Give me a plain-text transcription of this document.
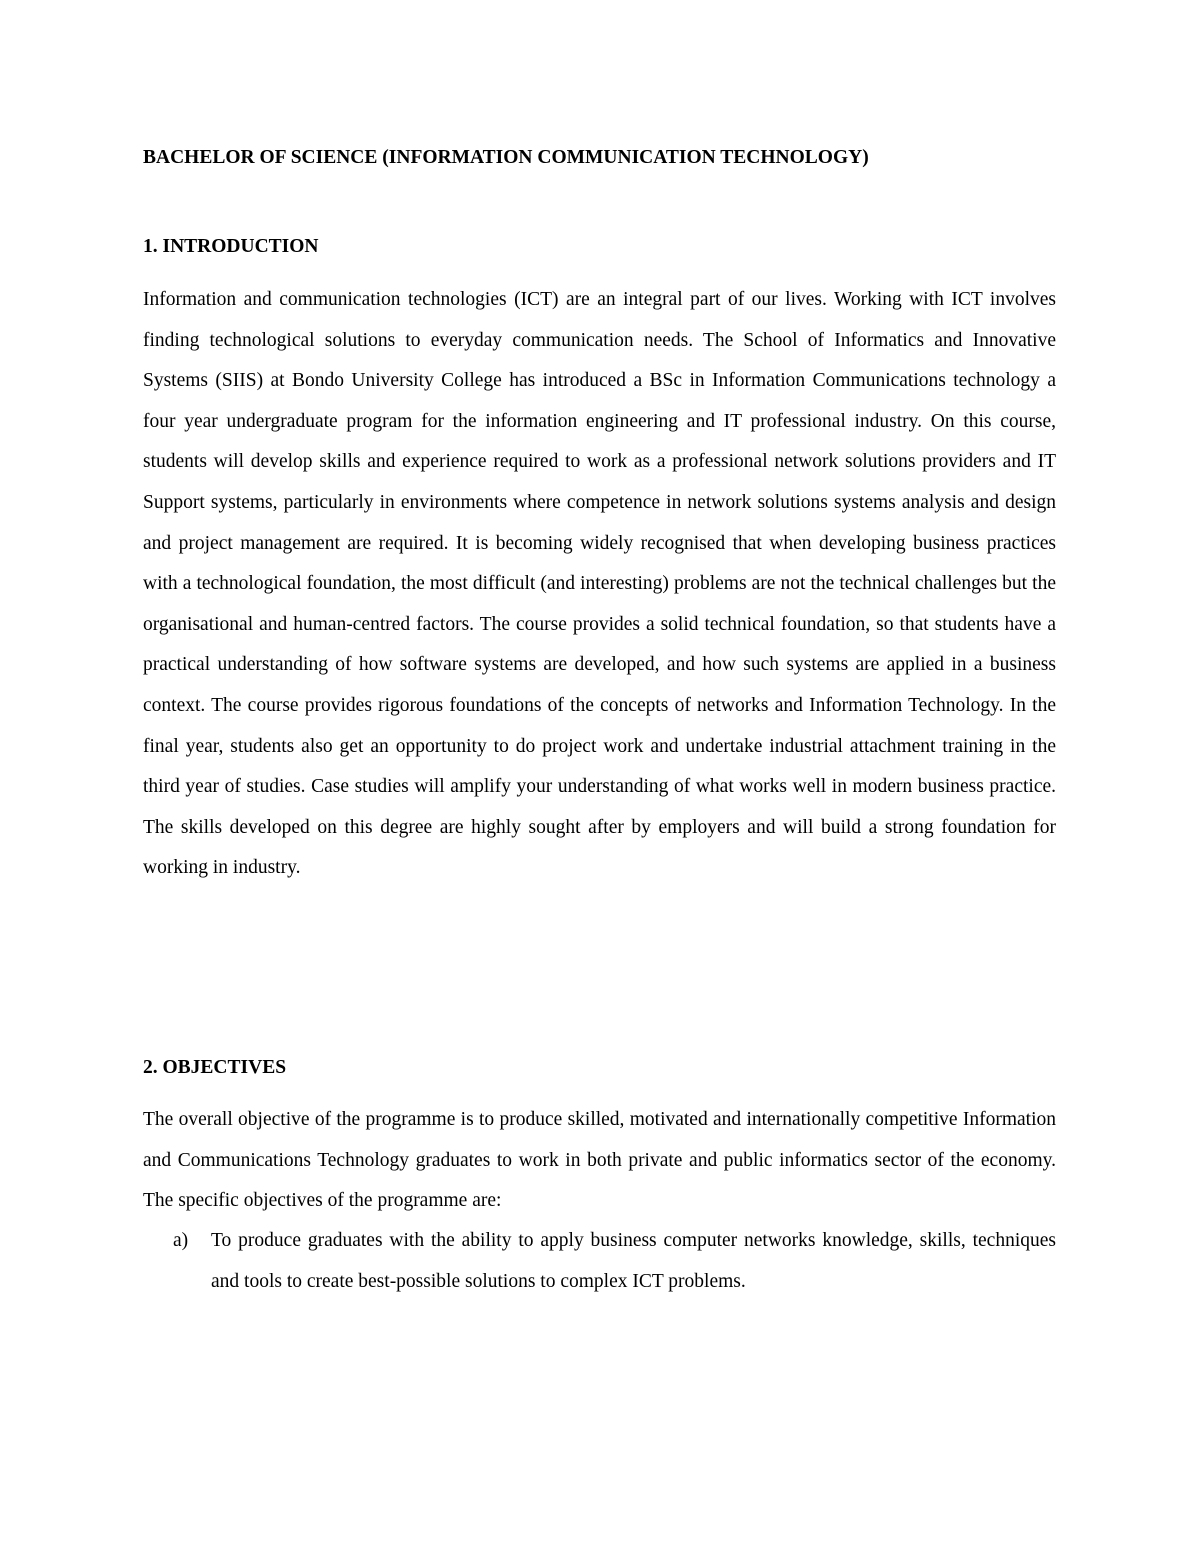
BACHELOR OF SCIENCE (INFORMATION COMMUNICATION TECHNOLOGY)
1. INTRODUCTION

Information and communication technologies (ICT) are an integral part of our lives. Working with ICT involves finding technological solutions to everyday communication needs. The School of Informatics and Innovative Systems (SIIS) at Bondo University College has introduced a BSc in Information Communications technology a four year undergraduate program for the information engineering and IT professional industry. On this course, students will develop skills and experience required to work as a professional network solutions providers and IT Support systems, particularly in environments where competence in network solutions systems analysis and design and project management are required. It is becoming widely recognised that when developing business practices with a technological foundation, the most difficult (and interesting) problems are not the technical challenges but the organisational and human-centred factors. The course provides a solid technical foundation, so that students have a practical understanding of how software systems are developed, and how such systems are applied in a business context. The course provides rigorous foundations of the concepts of networks and Information Technology. In the final year, students also get an opportunity to do project work and undertake industrial attachment training in the third year of studies. Case studies will amplify your understanding of what works well in modern business practice. The skills developed on this degree are highly sought after by employers and will build a strong foundation for working in industry.

2. OBJECTIVES

The overall objective of the programme is to produce skilled, motivated and internationally competitive Information and Communications Technology graduates to work in both private and public informatics sector of the economy. The specific objectives of the programme are:

a) To produce graduates with the ability to apply business computer networks knowledge, skills, techniques and tools to create best-possible solutions to complex ICT problems.
